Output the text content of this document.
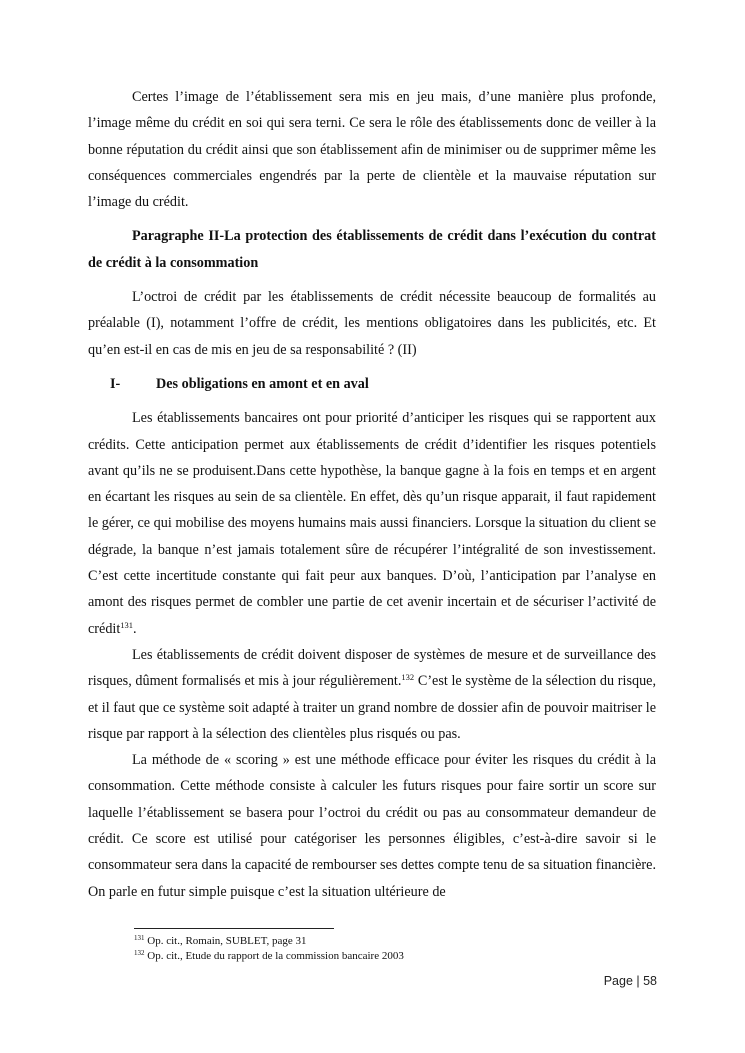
Certes l’image de l’établissement sera mis en jeu mais, d’une manière plus profonde, l’image même du crédit en soi qui sera terni. Ce sera le rôle des établissements donc de veiller à la bonne réputation du crédit ainsi que son établissement afin de minimiser ou de supprimer même les conséquences commerciales engendrés par la perte de clientèle et la mauvaise réputation sur l’image du crédit.

Paragraphe II-La protection des établissements de crédit dans l’exécution du contrat de crédit à la consommation

L’octroi de crédit par les établissements de crédit nécessite beaucoup de formalités au préalable (I), notamment l’offre de crédit, les mentions obligatoires dans les publicités, etc. Et qu’en est-il en cas de mis en jeu de sa responsabilité ? (II)

I-	Des obligations en amont et en aval

Les établissements bancaires ont pour priorité d’anticiper les risques qui se rapportent aux crédits. Cette anticipation permet aux établissements de crédit d’identifier les risques potentiels avant qu’ils ne se produisent.Dans cette hypothèse, la banque gagne à la fois en temps et en argent en écartant les risques au sein de sa clientèle. En effet, dès qu’un risque apparait, il faut rapidement le gérer, ce qui mobilise des moyens humains mais aussi financiers. Lorsque la situation du client se dégrade, la banque n’est jamais totalement sûre de récupérer l’intégralité de son investissement. C’est cette incertitude constante qui fait peur aux banques. D’où, l’anticipation par l’analyse en amont des risques permet de combler une partie de cet avenir incertain et de sécuriser l’activité de crédit$^{131}$.

Les établissements de crédit doivent disposer de systèmes de mesure et de surveillance des risques, dûment formalisés et mis à jour régulièrement.$^{132}$ C’est le système de la sélection du risque, et il faut que ce système soit adapté à traiter un grand nombre de dossier afin de pouvoir maitriser le risque par rapport à la sélection des clientèles plus risqués ou pas.

La méthode de « scoring » est une méthode efficace pour éviter les risques du crédit à la consommation. Cette méthode consiste à calculer les futurs risques pour faire sortir un score sur laquelle l’établissement se basera pour l’octroi du crédit ou pas au consommateur demandeur de crédit. Ce score est utilisé pour catégoriser les personnes éligibles, c’est-à-dire savoir si le consommateur sera dans la capacité de rembourser ses dettes compte tenu de sa situation financière. On parle en futur simple puisque c’est la situation ultérieure de

$^{131}$ Op. cit., Romain, SUBLET, page 31
$^{132}$ Op. cit., Etude du rapport de la commission bancaire 2003
Page | 58
